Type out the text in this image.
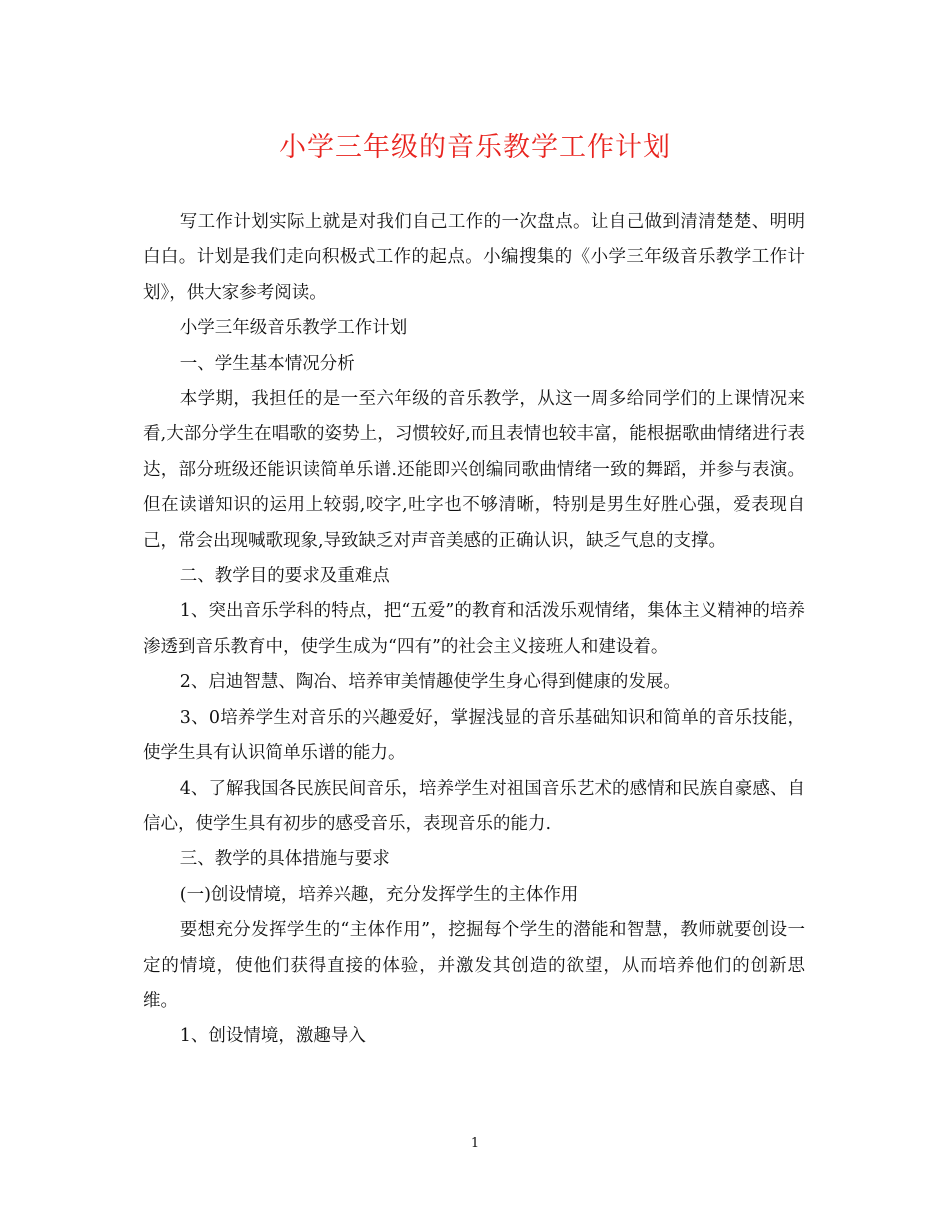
小学三年级的音乐教学工作计划

写工作计划实际上就是对我们自己工作的一次盘点。让自己做到清清楚楚、明明白白。计划是我们走向积极式工作的起点。小编搜集的《小学三年级音乐教学工作计划》，供大家参考阅读。

小学三年级音乐教学工作计划

一、学生基本情况分析

本学期，我担任的是一至六年级的音乐教学，从这一周多给同学们的上课情况来看,大部分学生在唱歌的姿势上，习惯较好,而且表情也较丰富，能根据歌曲情绪进行表达，部分班级还能识读简单乐谱.还能即兴创编同歌曲情绪一致的舞蹈，并参与表演。但在读谱知识的运用上较弱,咬字,吐字也不够清晰，特别是男生好胜心强，爱表现自己，常会出现喊歌现象,导致缺乏对声音美感的正确认识，缺乏气息的支撑。

二、教学目的要求及重难点

1、突出音乐学科的特点，把“五爱”的教育和活泼乐观情绪，集体主义精神的培养渗透到音乐教育中，使学生成为“四有”的社会主义接班人和建设着。

2、启迪智慧、陶冶、培养审美情趣使学生身心得到健康的发展。

3、0培养学生对音乐的兴趣爱好，掌握浅显的音乐基础知识和简单的音乐技能，使学生具有认识简单乐谱的能力。

4、了解我国各民族民间音乐，培养学生对祖国音乐艺术的感情和民族自豪感、自信心，使学生具有初步的感受音乐，表现音乐的能力.

三、教学的具体措施与要求

(一)创设情境，培养兴趣，充分发挥学生的主体作用

要想充分发挥学生的“主体作用”，挖掘每个学生的潜能和智慧，教师就要创设一定的情境，使他们获得直接的体验，并激发其创造的欲望，从而培养他们的创新思维。

1、创设情境，激趣导入

1
